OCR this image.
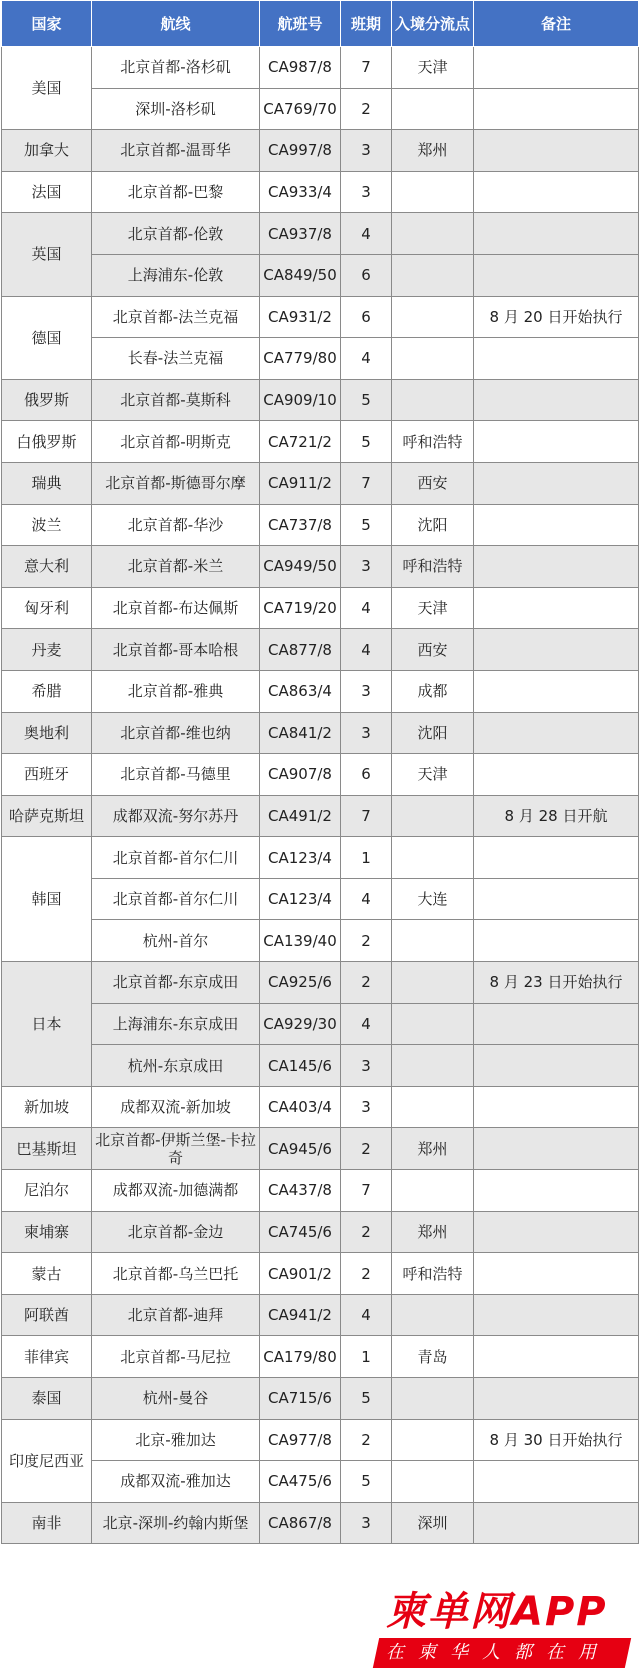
国家	航线	航班号	班期	入境分流点	备注
美国	北京首都-洛杉矶	CA987/8	7	天津	
	深圳-洛杉矶	CA769/70	2		
加拿大	北京首都-温哥华	CA997/8	3	郑州	
法国	北京首都-巴黎	CA933/4	3		
英国	北京首都-伦敦	CA937/8	4		
	上海浦东-伦敦	CA849/50	6		
德国	北京首都-法兰克福	CA931/2	6		8 月 20 日开始执行
	长春-法兰克福	CA779/80	4		
俄罗斯	北京首都-莫斯科	CA909/10	5		
白俄罗斯	北京首都-明斯克	CA721/2	5	呼和浩特	
瑞典	北京首都-斯德哥尔摩	CA911/2	7	西安	
波兰	北京首都-华沙	CA737/8	5	沈阳	
意大利	北京首都-米兰	CA949/50	3	呼和浩特	
匈牙利	北京首都-布达佩斯	CA719/20	4	天津	
丹麦	北京首都-哥本哈根	CA877/8	4	西安	
希腊	北京首都-雅典	CA863/4	3	成都	
奥地利	北京首都-维也纳	CA841/2	3	沈阳	
西班牙	北京首都-马德里	CA907/8	6	天津	
哈萨克斯坦	成都双流-努尔苏丹	CA491/2	7		8 月 28 日开航
韩国	北京首都-首尔仁川	CA123/4	1		
	北京首都-首尔仁川	CA123/4	4	大连	
	杭州-首尔	CA139/40	2		
日本	北京首都-东京成田	CA925/6	2		8 月 23 日开始执行
	上海浦东-东京成田	CA929/30	4		
	杭州-东京成田	CA145/6	3		
新加坡	成都双流-新加坡	CA403/4	3		
巴基斯坦	北京首都-伊斯兰堡-卡拉奇	CA945/6	2	郑州	
尼泊尔	成都双流-加德满都	CA437/8	7		
柬埔寨	北京首都-金边	CA745/6	2	郑州	
蒙古	北京首都-乌兰巴托	CA901/2	2	呼和浩特	
阿联酋	北京首都-迪拜	CA941/2	4		
菲律宾	北京首都-马尼拉	CA179/80	1	青岛	
泰国	杭州-曼谷	CA715/6	5		
印度尼西亚	北京-雅加达	CA977/8	2		8 月 30 日开始执行
	成都双流-雅加达	CA475/6	5		
南非	北京-深圳-约翰内斯堡	CA867/8	3	深圳	
柬单网APP
在柬华人都在用
